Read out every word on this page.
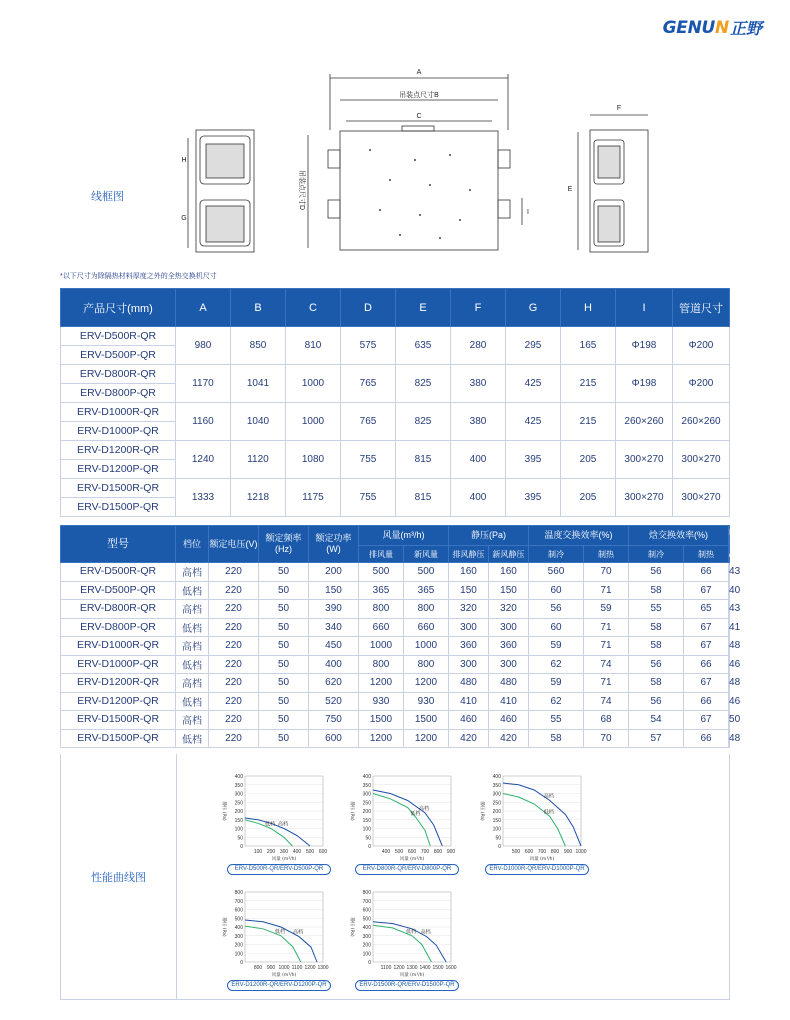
GENU N 正野
线框图
A
吊装点尺寸B
C
吊装点尺寸D	E
F
G
H
I
*以下尺寸为除隔热材料厚度之外的全热交换机尺寸
产品尺寸(mm)	A	B	C	D	E	F	G	H	I	管道尺寸

ERV-D500R-QR
ERV-D500P-QR	980	850	810	575	635	280	295	165	Φ198	Φ200

ERV-D800R-QR
ERV-D800P-QR	1170	1041	1000	765	825	380	425	215	Φ198	Φ200

ERV-D1000R-QR
ERV-D1000P-QR	1160	1040	1000	765	825	380	425	215	260×260	260×260

ERV-D1200R-QR
ERV-D1200P-QR	1240	1120	1080	755	815	400	395	205	300×270	300×270

ERV-D1500R-QR
ERV-D1500P-QR	1333	1218	1175	755	815	400	395	205	300×270	300×270
型号	档位	额定电压(V)	额定频率(Hz)	额定功率(W)	风量(m³/h)		静压(Pa)		温度交换效率(%)		焓交换效率(%)		噪音 dB(A)
					排风量	新风量	排风静压	新风静压	制冷	制热	制冷	制热	
ERV-D500R-QR	高档	220	50	200	500	500	160	160	560	70	56	66	43
ERV-D500P-QR	低档	220	50	150	365	365	150	150	60	71	58	67	40
ERV-D800R-QR	高档	220	50	390	800	800	320	320	56	59	55	65	43
ERV-D800P-QR	低档	220	50	340	660	660	300	300	60	71	58	67	41
ERV-D1000R-QR	高档	220	50	450	1000	1000	360	360	59	71	58	67	48
ERV-D1000P-QR	低档	220	50	400	800	800	300	300	62	74	56	66	46
ERV-D1200R-QR	高档	220	50	620	1200	1200	480	480	59	71	58	67	48
ERV-D1200P-QR	低档	220	50	520	930	930	410	410	62	74	56	66	46
ERV-D1500R-QR	高档	220	50	750	1500	1500	460	460	55	68	54	67	50
ERV-D1500P-QR	低档	220	50	600	1200	1200	420	420	58	70	57	66	48
性能曲线图
0
50
100
150
200
250
300
350
400
100 200 300 400 500 600
风量 (m³/h)
静压 (Pa)
高档
低档
ERV-D500R-QR/ERV-D500P-QR
0
50
100
150
200
250
300
350
400
400 500 600 700 800 900
风量 (m³/h)
静压 (Pa)	高档
低档
ERV-D800R-QR/ERV-D800P-QR
0
50
100
150
200
250
300
350
400
500 600 700 800 900 1000
风量 (m³/h)
静压 (Pa)
高档
低档
ERV-D1000R-QR/ERV-D1000P-QR
0
100
200
300
400
500
600
700
800
800 900 1000 1100 1200 1300
风量 (m³/h)
静压 (Pa)	高档
低档
ERV-D1200R-QR/ERV-D1200P-QR
0
100
200
300
400
500
600
700
800
1100 1200 1300 1400 1500 1600
风量 (m³/h)
静压 (Pa)	高档
低档
ERV-D1500R-QR/ERV-D1500P-QR
